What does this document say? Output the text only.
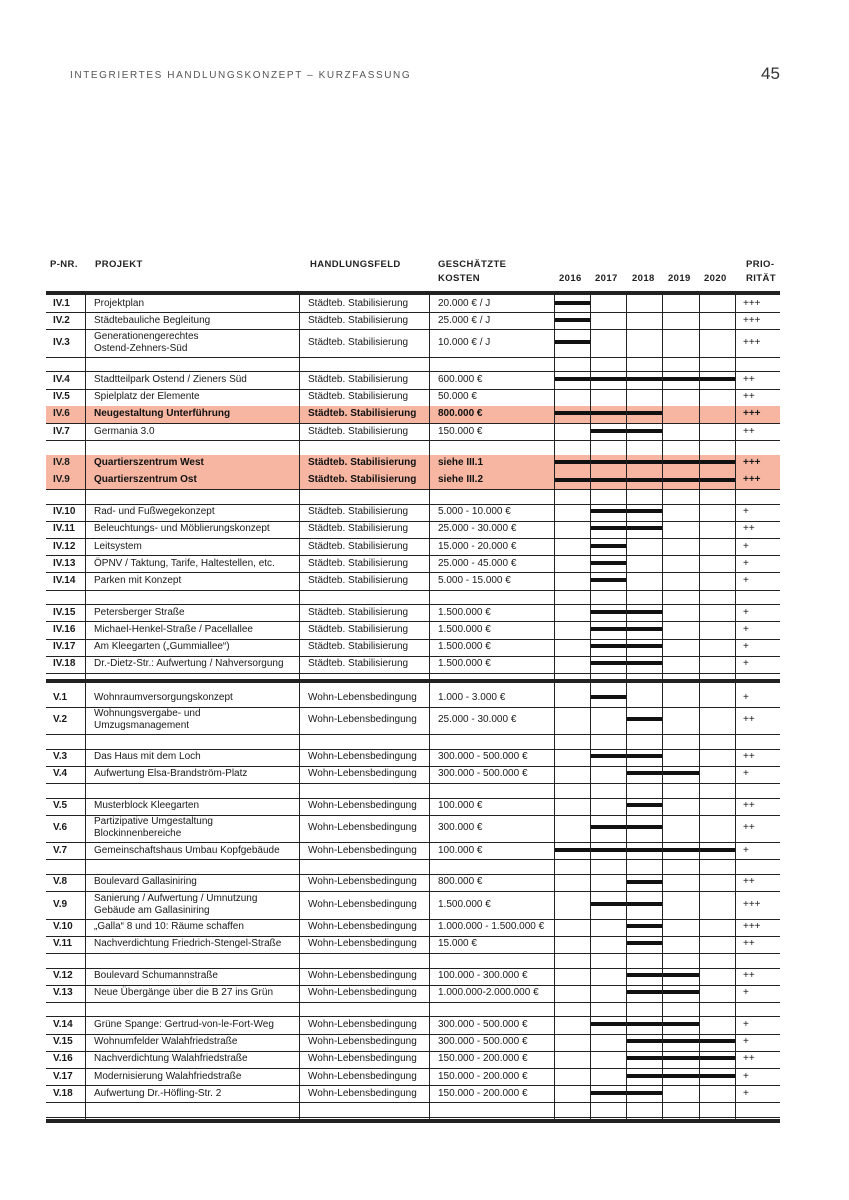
INTEGRIERTES HANDLUNGSKONZEPT – KURZFASSUNG	45
P-NR. PROJEKT	HANDLUNGSFELD	GESCHÄTZTE
KOSTEN	2016 2017 2018 2019 2020
PRIO-
RITÄT
IV.1	Projektplan	Städteb. Stabilisierung	20.000 € / J	+++
IV.2	Städtebauliche Begleitung	Städteb. Stabilisierung	25.000 € / J	+++
IV.3
Generationengerechtes
Ostend-Zehners-Süd
Städteb. Stabilisierung	10.000 € / J	+++
IV.4	Stadtteilpark Ostend / Zieners Süd	Städteb. Stabilisierung	600.000 €	++
IV.5	Spielplatz der Elemente	Städteb. Stabilisierung	50.000 €	++
IV.6	Neugestaltung Unterführung	Städteb. Stabilisierung	800.000 €	+++
IV.7	Germania 3.0	Städteb. Stabilisierung	150.000 €	++
IV.8	Quartierszentrum West	Städteb. Stabilisierung	siehe III.1	+++
IV.9	Quartierszentrum Ost	Städteb. Stabilisierung	siehe III.2	+++
IV.10	Rad- und Fußwegekonzept	Städteb. Stabilisierung	5.000 - 10.000 €	+
IV.11	Beleuchtungs- und Möblierungskonzept	Städteb. Stabilisierung	25.000 - 30.000 €	++
IV.12	Leitsystem	Städteb. Stabilisierung	15.000 - 20.000 €	+
IV.13	ÖPNV / Taktung, Tarife, Haltestellen, etc.	Städteb. Stabilisierung	25.000 - 45.000 €	+
IV.14	Parken mit Konzept	Städteb. Stabilisierung	5.000 - 15.000 €	+
IV.15	Petersberger Straße	Städteb. Stabilisierung	1.500.000 €	+
IV.16	Michael-Henkel-Straße / Pacellallee	Städteb. Stabilisierung	1.500.000 €	+
IV.17	Am Kleegarten („Gummiallee“)	Städteb. Stabilisierung	1.500.000 €	+
IV.18	Dr.-Dietz-Str.: Aufwertung / Nahversorgung	Städteb. Stabilisierung	1.500.000 €	+
V.1	Wohnraumversorgungskonzept	Wohn-Lebensbedingung	1.000 - 3.000 €	+
V.2
Wohnungsvergabe- und
Umzugsmanagement
Wohn-Lebensbedingung	25.000 - 30.000 €	++
V.3	Das Haus mit dem Loch	Wohn-Lebensbedingung	300.000 - 500.000 €	++
V.4	Aufwertung Elsa-Brandström-Platz	Wohn-Lebensbedingung	300.000 - 500.000 €	+
V.5	Musterblock Kleegarten	Wohn-Lebensbedingung	100.000 €	++
V.6
Partizipative Umgestaltung
Blockinnenbereiche
Wohn-Lebensbedingung	300.000 €	++
V.7	Gemeinschaftshaus Umbau Kopfgebäude	Wohn-Lebensbedingung	100.000 €	+
V.8	Boulevard Gallasiniring	Wohn-Lebensbedingung	800.000 €	++
V.9
Sanierung / Aufwertung / Umnutzung
Gebäude am Gallasiniring
Wohn-Lebensbedingung	1.500.000 €	+++
V.10	„Galla“ 8 und 10: Räume schaffen	Wohn-Lebensbedingung	1.000.000 - 1.500.000 €	+++
V.11	Nachverdichtung Friedrich-Stengel-Straße	Wohn-Lebensbedingung	15.000 €	++
V.12	Boulevard Schumannstraße	Wohn-Lebensbedingung	100.000 - 300.000 €	++
V.13	Neue Übergänge über die B 27 ins Grün	Wohn-Lebensbedingung	1.000.000-2.000.000 €	+
V.14	Grüne Spange: Gertrud-von-le-Fort-Weg	Wohn-Lebensbedingung	300.000 - 500.000 €	+
V.15	Wohnumfelder Walahfriedstraße	Wohn-Lebensbedingung	300.000 - 500.000 €	+
V.16	Nachverdichtung Walahfriedstraße	Wohn-Lebensbedingung	150.000 - 200.000 €	++
V.17	Modernisierung Walahfriedstraße	Wohn-Lebensbedingung	150.000 - 200.000 €	+
V.18	Aufwertung Dr.-Höfling-Str. 2	Wohn-Lebensbedingung	150.000 - 200.000 €	+
